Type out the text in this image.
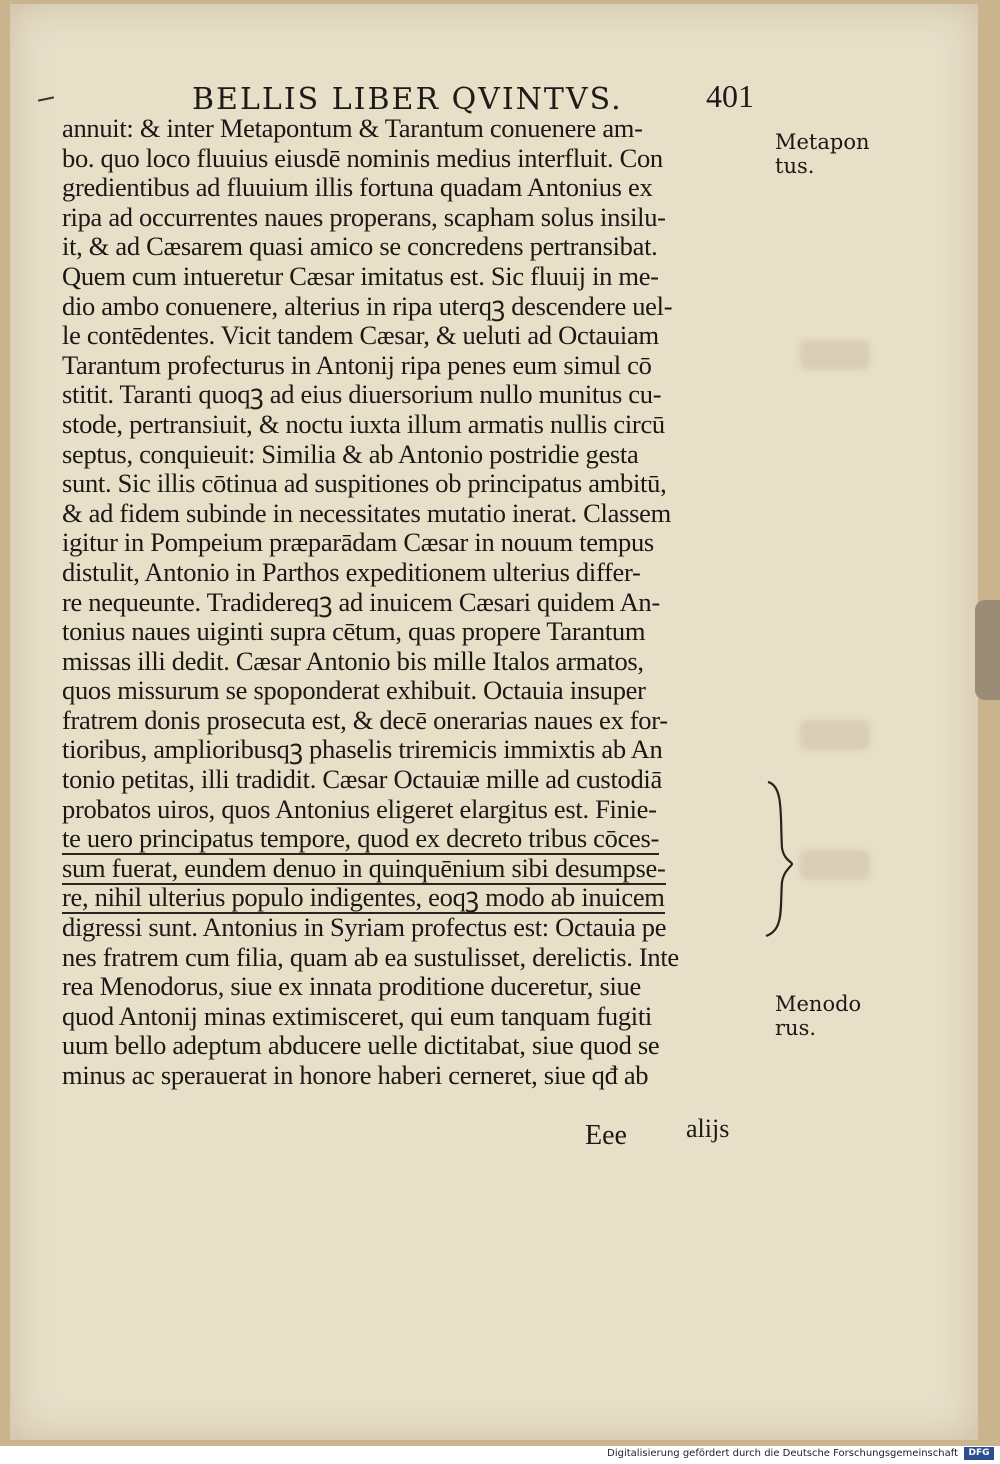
BELLIS LIBER QVINTVS.	401
annuit: & inter Metapontum & Tarantum conuenere am-
bo. quo loco fluuius eiusdē nominis medius interfluit. Con
gredientibus ad fluuium illis fortuna quadam Antonius ex
ripa ad occurrentes naues properans, scapham solus insilu-
it, & ad Cæsarem quasi amico se concredens pertransibat.
Quem cum intueretur Cæsar imitatus est. Sic fluuij in me-
dio ambo conuenere, alterius in ripa uterqꝫ descendere uel-
le contēdentes. Vicit tandem Cæsar, & ueluti ad Octauiam
Tarantum profecturus in Antonij ripa penes eum simul cō
stitit. Taranti quoqꝫ ad eius diuersorium nullo munitus cu-
stode, pertransiuit, & noctu iuxta illum armatis nullis circū
septus, conquieuit: Similia & ab Antonio postridie gesta
sunt. Sic illis cōtinua ad suspitiones ob principatus ambitū,
& ad fidem subinde in necessitates mutatio inerat. Classem
igitur in Pompeium præparādam Cæsar in nouum tempus
distulit, Antonio in Parthos expeditionem ulterius differ-
re nequeunte. Tradidereqꝫ ad inuicem Cæsari quidem An-
tonius naues uiginti supra cētum, quas propere Tarantum
missas illi dedit. Cæsar Antonio bis mille Italos armatos,
quos missurum se spoponderat exhibuit. Octauia insuper
fratrem donis prosecuta est, & decē onerarias naues ex for-
tioribus, amplioribusqꝫ phaselis triremicis immixtis ab An
tonio petitas, illi tradidit. Cæsar Octauiæ mille ad custodiā
probatos uiros, quos Antonius eligeret elargitus est. Finie-
te uero principatus tempore, quod ex decreto tribus cōces-
sum fuerat, eundem denuo in quinquēnium sibi desumpse-
re, nihil ulterius populo indigentes, eoqꝫ modo ab inuicem
digressi sunt. Antonius in Syriam profectus est: Octauia pe
nes fratrem cum filia, quam ab ea sustulisset, derelictis. Inte
rea Menodorus, siue ex innata proditione duceretur, siue
quod Antonij minas extimisceret, qui eum tanquam fugiti
uum bello adeptum abducere uelle dictitabat, siue quod se
minus ac sperauerat in honore haberi cerneret, siue qđ ab
Metapon
tus.
Menodo
rus.
Eee alijs
Digitalisierung gefördert durch die Deutsche Forschungsgemeinschaft	DFG
